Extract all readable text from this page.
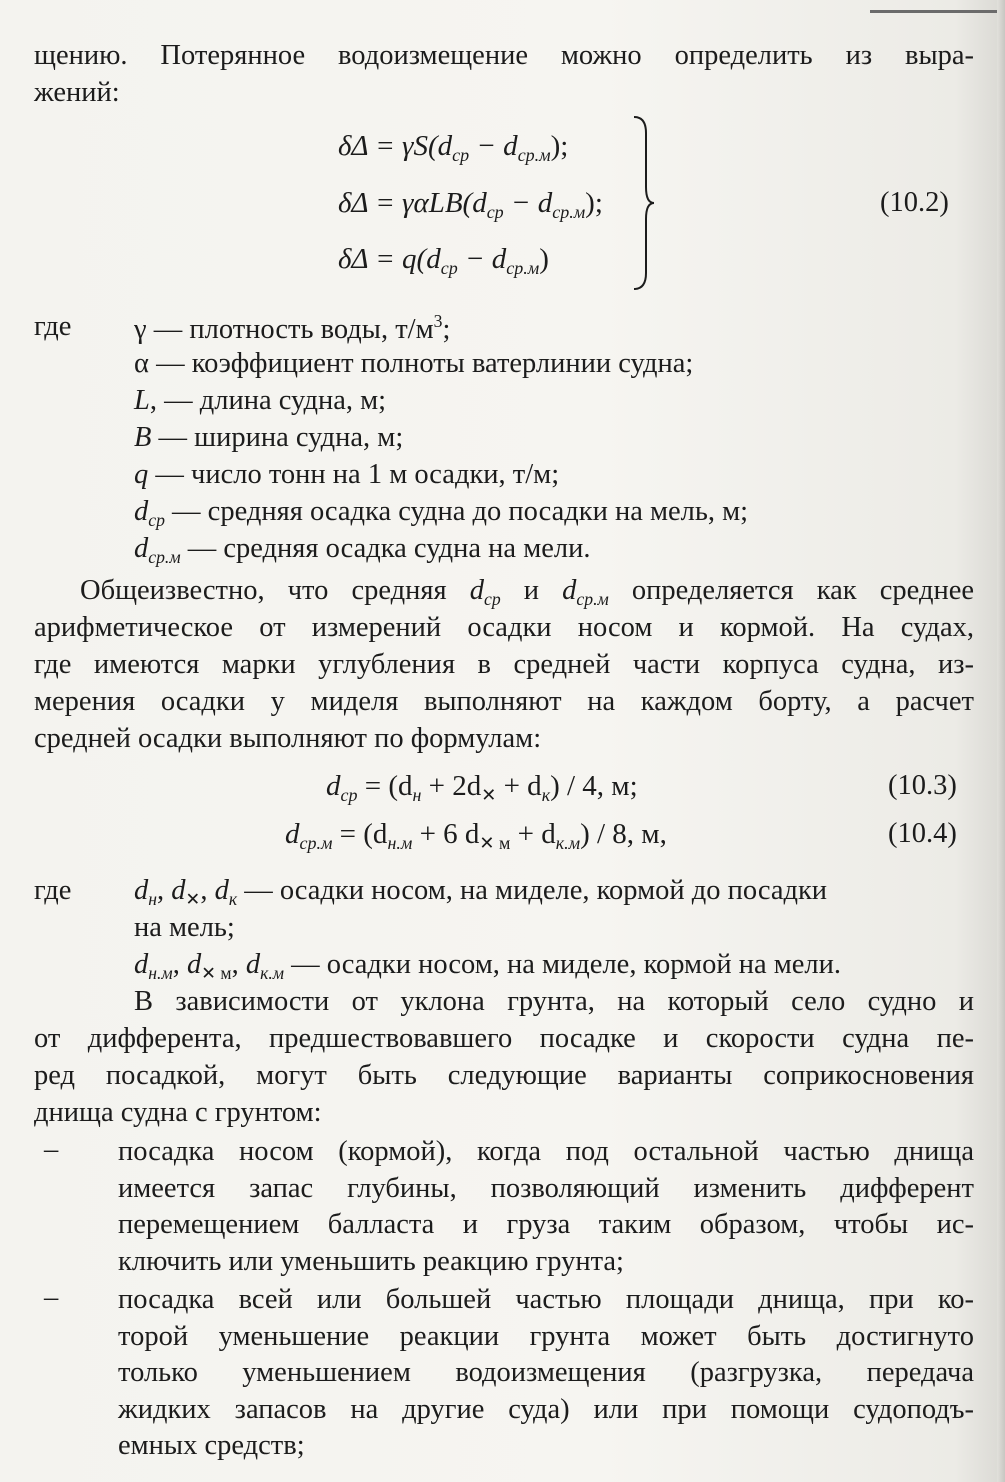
щению. Потерянное водоизмещение можно определить из выра-
жений:
$\delta\Delta = \gamma S(d_{ср} - d_{ср.м})$;
$\delta\Delta = \gamma\alpha LB(d_{ср} - d_{ср.м})$;
$\delta\Delta = q(d_{ср} - d_{ср.м})$
(10.2)
где γ — плотность воды, $т/м^3$;
α — коэффициент полноты ватерлинии судна;
L, — длина судна, м;
B — ширина судна, м;
q — число тонн на 1 м осадки, т/м;
$d_{ср}$ — средняя осадка судна до посадки на мель, м;
$d_{ср.м}$ — средняя осадка судна на мели.
Общеизвестно, что средняя $d_{ср}$ и $d_{ср.м}$ определяется как среднее
арифметическое от измерений осадки носом и кормой. На судах,
где имеются марки углубления в средней части корпуса судна, из-
мерения осадки у миделя выполняют на каждом борту, а расчет
средней осадки выполняют по формулам:
$d_{ср} = (d_н + 2d_✕ + d_к) / 4$, м;	(10.3)
$d_{ср.м} = (d_{н.м} + 6$ $d_{✕ м} + d_{к.м}) / 8$, м,	(10.4)
где $d_н$, $d_✕$, $d_к$ — осадки носом, на миделе, кормой до посадки
на мель;
$d_{н.м}$, $d_{✕ м}$, $d_{к.м}$ — осадки носом, на миделе, кормой на мели.
В зависимости от уклона грунта, на который село судно и
от дифферента, предшествовавшего посадке и скорости судна пе-
ред посадкой, могут быть следующие варианты соприкосновения
днища судна с грунтом:
– посадка носом (кормой), когда под остальной частью днища
имеется запас глубины, позволяющий изменить дифферент
перемещением балласта и груза таким образом, чтобы ис-
ключить или уменьшить реакцию грунта;
– посадка всей или большей частью площади днища, при ко-
торой уменьшение реакции грунта может быть достигнуто
только уменьшением водоизмещения (разгрузка, передача
жидких запасов на другие суда) или при помощи судоподъ-
емных средств;
